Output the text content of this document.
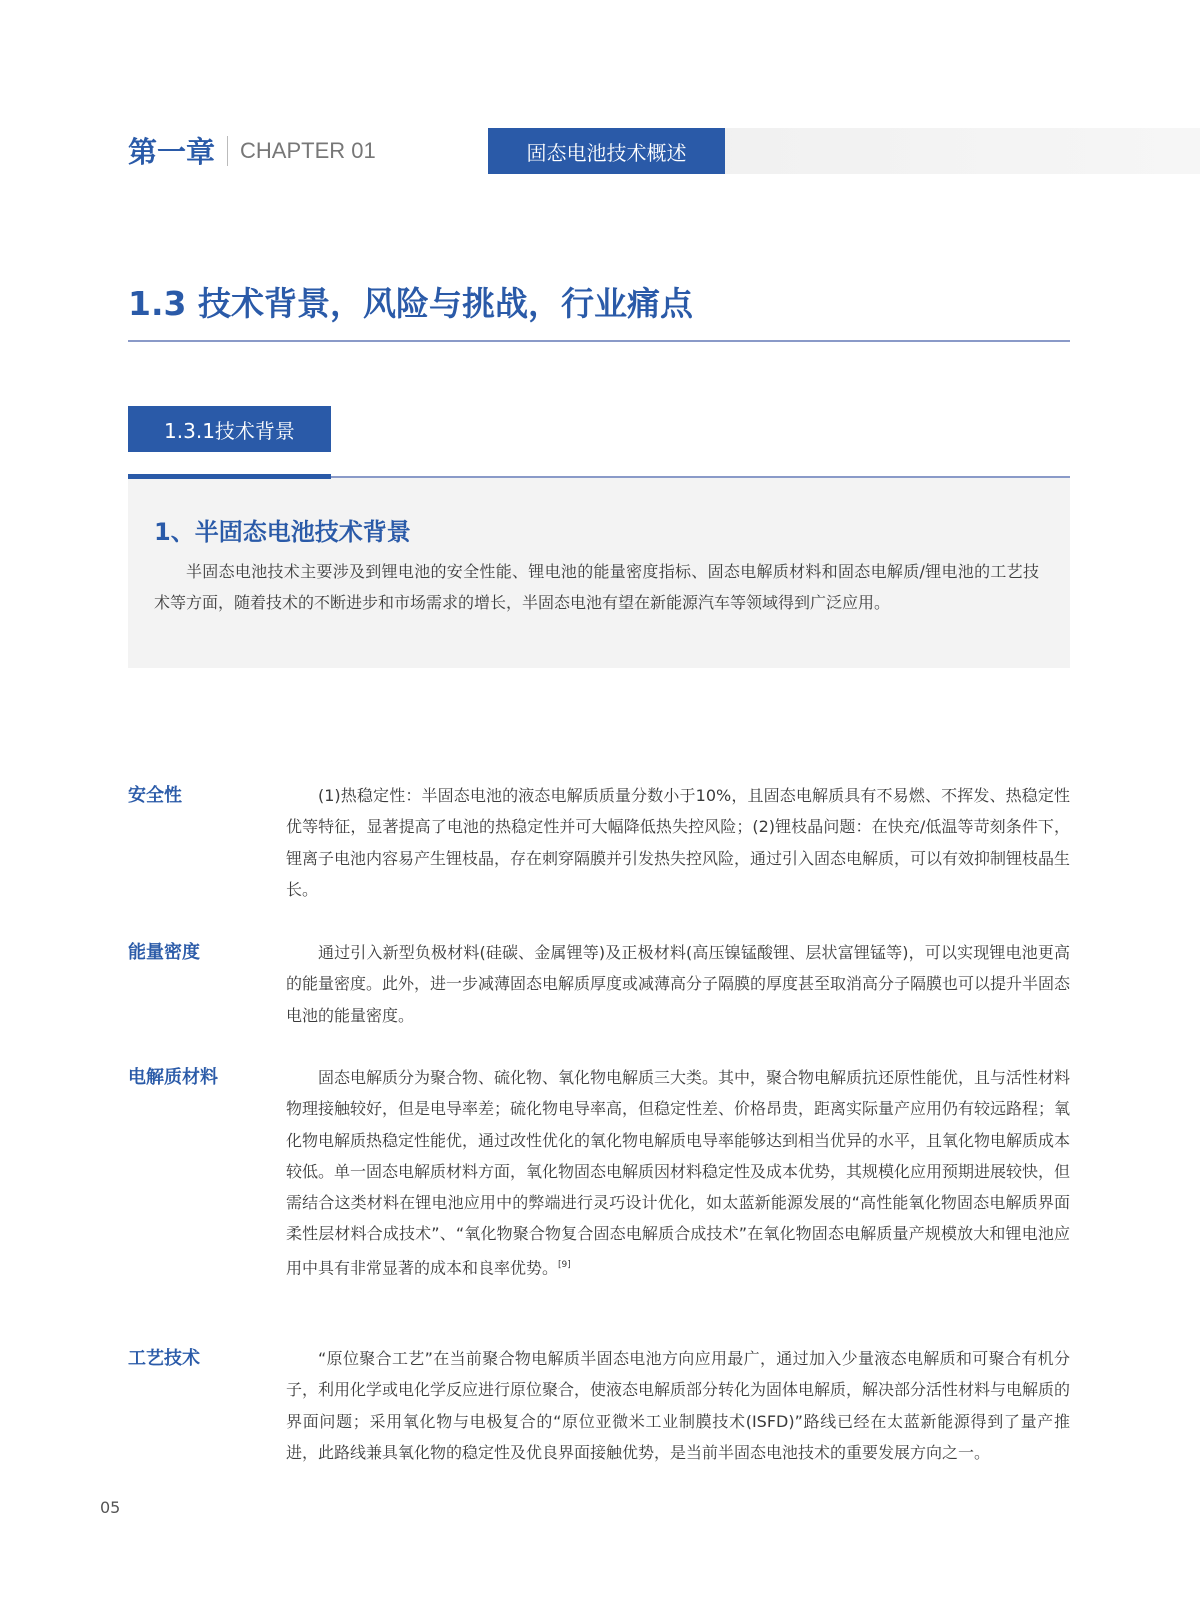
第一章 CHAPTER 01	固态电池技术概述
1.3 技术背景，风险与挑战，行业痛点
1.3.1技术背景
1、半固态电池技术背景

半固态电池技术主要涉及到锂电池的安全性能、锂电池的能量密度指标、固态电解质材料和固态电解质/锂电池的工艺技术等方面，随着技术的不断进步和市场需求的增长，半固态电池有望在新能源汽车等领域得到广泛应用。

安全性	(1)热稳定性：半固态电池的液态电解质质量分数小于10%，且固态电解质具有不易燃、不挥发、热稳定性优等特征，显著提高了电池的热稳定性并可大幅降低热失控风险；(2)锂枝晶问题：在快充/低温等苛刻条件下，锂离子电池内容易产生锂枝晶，存在刺穿隔膜并引发热失控风险，通过引入固态电解质，可以有效抑制锂枝晶生长。

能量密度	通过引入新型负极材料(硅碳、金属锂等)及正极材料(高压镍锰酸锂、层状富锂锰等)，可以实现锂电池更高的能量密度。此外，进一步减薄固态电解质厚度或减薄高分子隔膜的厚度甚至取消高分子隔膜也可以提升半固态电池的能量密度。

电解质材料	固态电解质分为聚合物、硫化物、氧化物电解质三大类。其中，聚合物电解质抗还原性能优，且与活性材料物理接触较好，但是电导率差；硫化物电导率高，但稳定性差、价格昂贵，距离实际量产应用仍有较远路程；氧化物电解质热稳定性能优，通过改性优化的氧化物电解质电导率能够达到相当优异的水平，且氧化物电解质成本较低。单一固态电解质材料方面，氧化物固态电解质因材料稳定性及成本优势，其规模化应用预期进展较快，但需结合这类材料在锂电池应用中的弊端进行灵巧设计优化，如太蓝新能源发展的“高性能氧化物固态电解质界面柔性层材料合成技术”、“氧化物聚合物复合固态电解质合成技术”在氧化物固态电解质量产规模放大和锂电池应用中具有非常显著的成本和良率优势。[9]

工艺技术	“原位聚合工艺”在当前聚合物电解质半固态电池方向应用最广，通过加入少量液态电解质和可聚合有机分子，利用化学或电化学反应进行原位聚合，使液态电解质部分转化为固体电解质，解决部分活性材料与电解质的界面问题；采用氧化物与电极复合的“原位亚微米工业制膜技术(ISFD)”路线已经在太蓝新能源得到了量产推进，此路线兼具氧化物的稳定性及优良界面接触优势，是当前半固态电池技术的重要发展方向之一。

05
